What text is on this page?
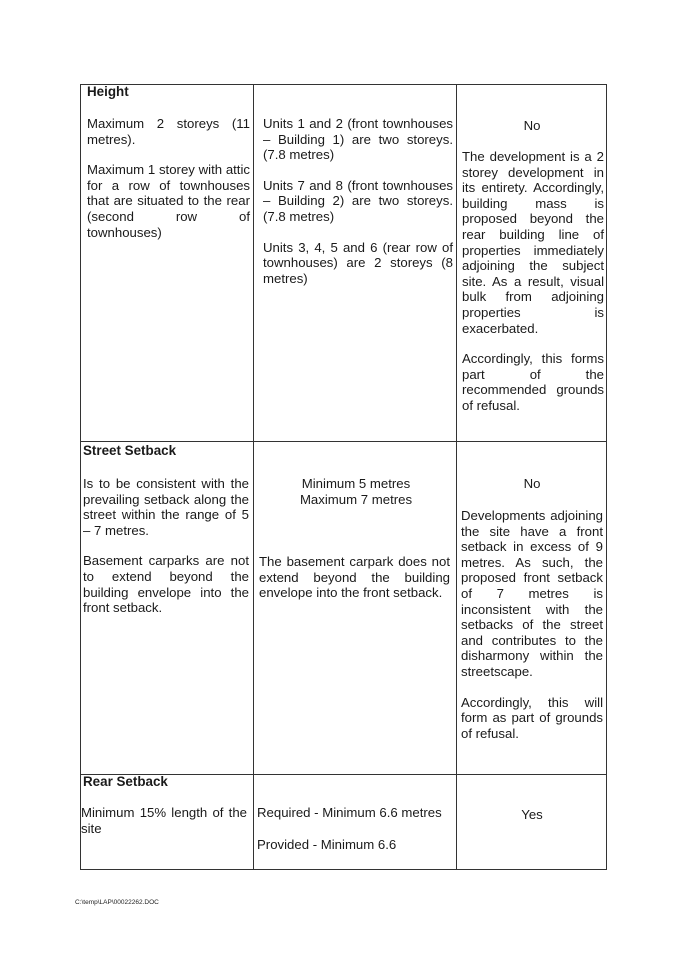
Height

Maximum 2 storeys (11 metres).

Maximum 1 storey with attic for a row of townhouses that are situated to the rear (second row of townhouses)

Units 1 and 2 (front townhouses – Building 1) are two storeys. (7.8 metres)

Units 7 and 8 (front townhouses – Building 2) are two storeys. (7.8 metres)

Units 3, 4, 5 and 6 (rear row of townhouses) are 2 storeys (8 metres)

No

The development is a 2 storey development in its entirety. Accordingly, building mass is proposed beyond the rear building line of properties immediately adjoining the subject site. As a result, visual bulk from adjoining properties is exacerbated.

Accordingly, this forms part of the recommended grounds of refusal.

Street Setback

Is to be consistent with the prevailing setback along the street within the range of 5 – 7 metres.

Basement carparks are not to extend beyond the building envelope into the front setback.

Minimum 5 metres
Maximum 7 metres

The basement carpark does not extend beyond the building envelope into the front setback.

No

Developments adjoining the site have a front setback in excess of 9 metres. As such, the proposed front setback of 7 metres is inconsistent with the setbacks of the street and contributes to the disharmony within the streetscape.

Accordingly, this will form as part of grounds of refusal.

Rear Setback

Minimum 15% length of the site

Required - Minimum 6.6 metres

Provided - Minimum 6.6

Yes
C:\temp\LAP\00022262.DOC
